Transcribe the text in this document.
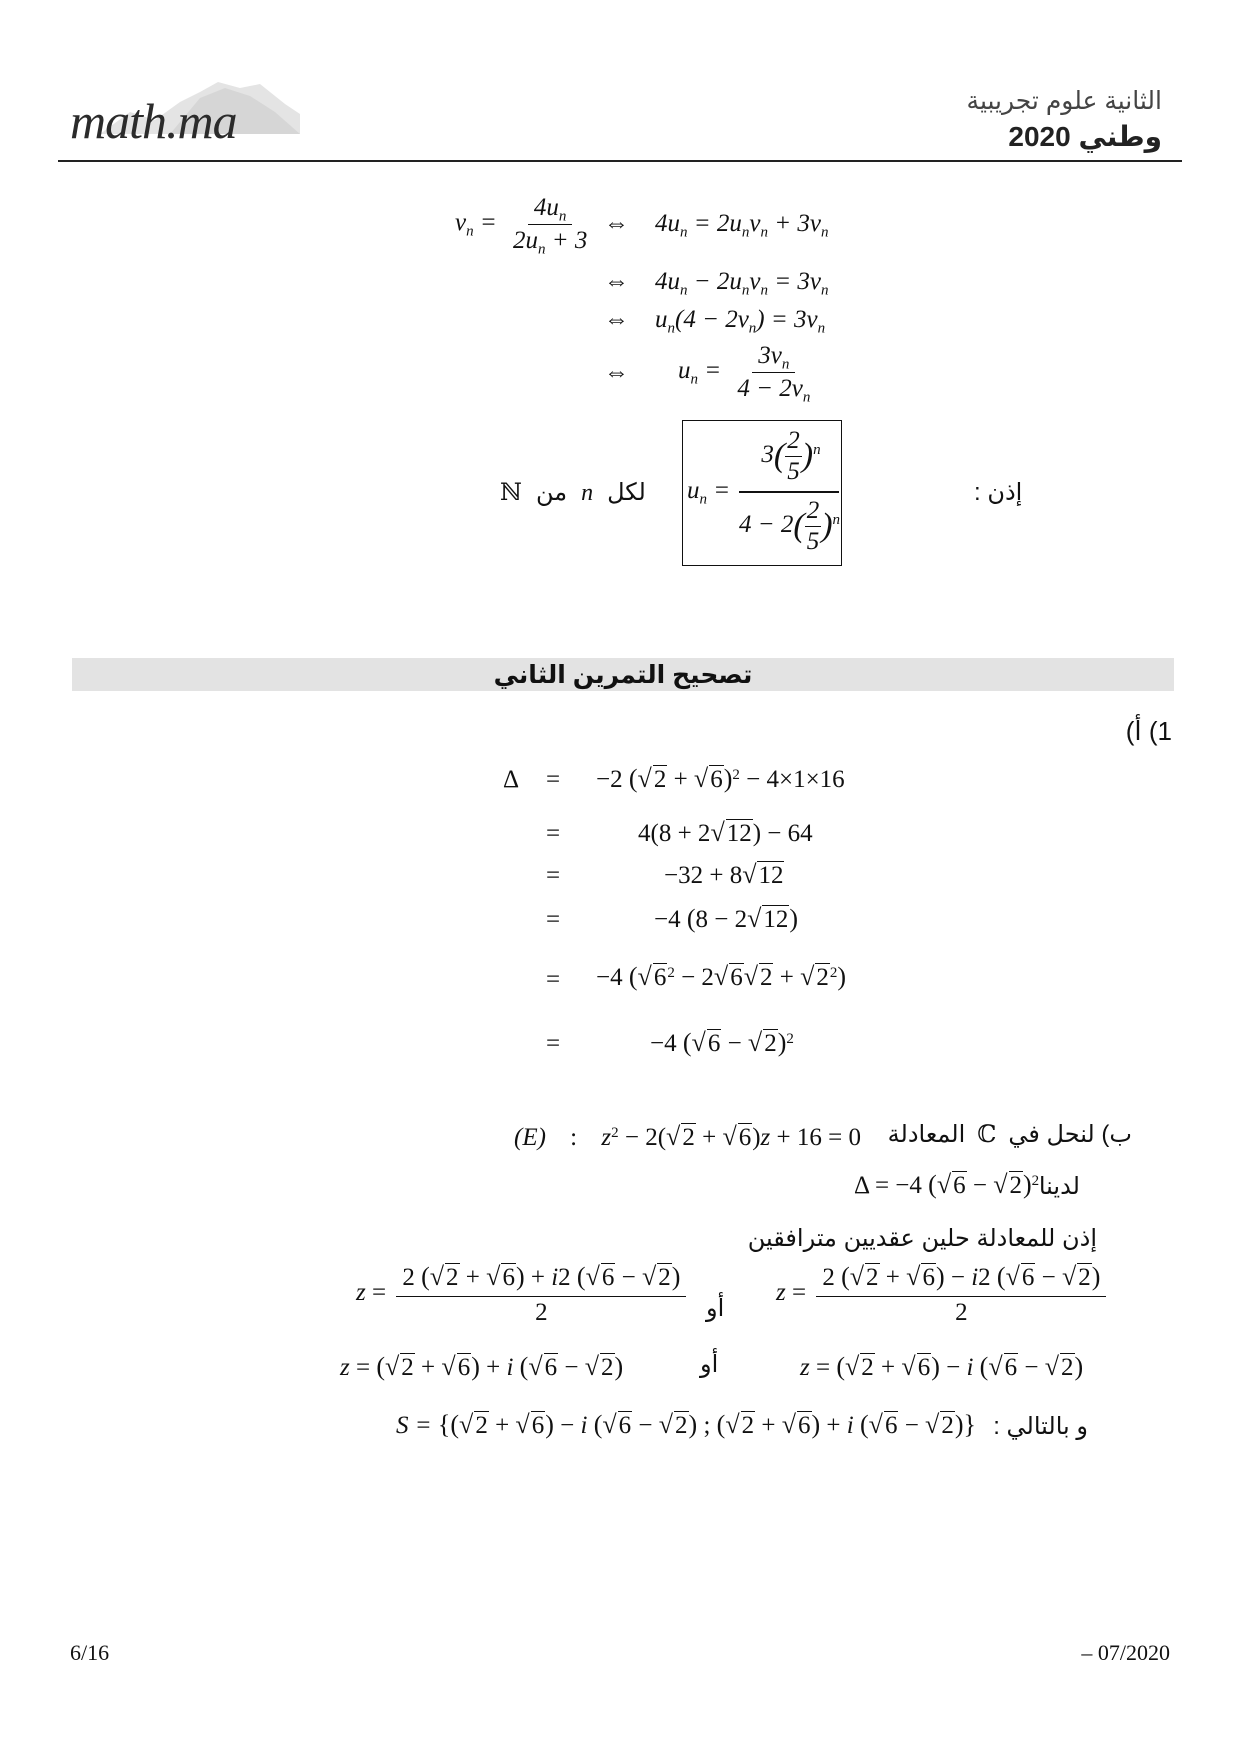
math.ma	الثانية علوم تجريبية
وطني 2020
$v_n = \frac{4u_n}{2u_n + 3}$ ⇔ $4u_n = 2u_nv_n + 3v_n$
⇔ $4u_n - 2u_nv_n = 3v_n$
⇔ $u_n(4 - 2v_n) = 3v_n$
⇔ $u_n = \frac{3v_n}{4 - 2v_n}$
$u_n$ =
$3( \frac{2}{5} )^n$
$4 - 2( \frac{2}{5} )^n$
إذن :
ℕ من n لكل
تصحيح التمرين الثاني
1) أ)
Δ = −2 $(√2 + √6)^2 - 4\times 1\times 16$
=	4(8 + 2√12) − 64
=	−32 + 8√12
=	−4 (8 − 2√12)
= −4 $(√6^2 - 2√6√2 + √2^2)$
=	−4 $(√6 - √2)^2$
ب) لنحل في ℂ المعادلة
(E) : $z^2 - 2(√2 + √6)z + 16 = 0$
لدينا
Δ = −4 $(√6 - √2)^2$
إذن للمعادلة حلين عقديين مترافقين
$z = \frac{2 (√2 + √6) - i2 (√6 - √2)}{2}$
أو
$z = \frac{2 (√2 + √6) + i2 (√6 - √2)}{2}$
z = (√2 + √6) − i (√6 − √2)
أو
z = (√2 + √6) + i (√6 − √2)
و بالتالي :
S = {(√2 + √6) − i (√6 − √2) ; (√2 + √6) + i (√6 − √2)}
6/16	– 07/2020
